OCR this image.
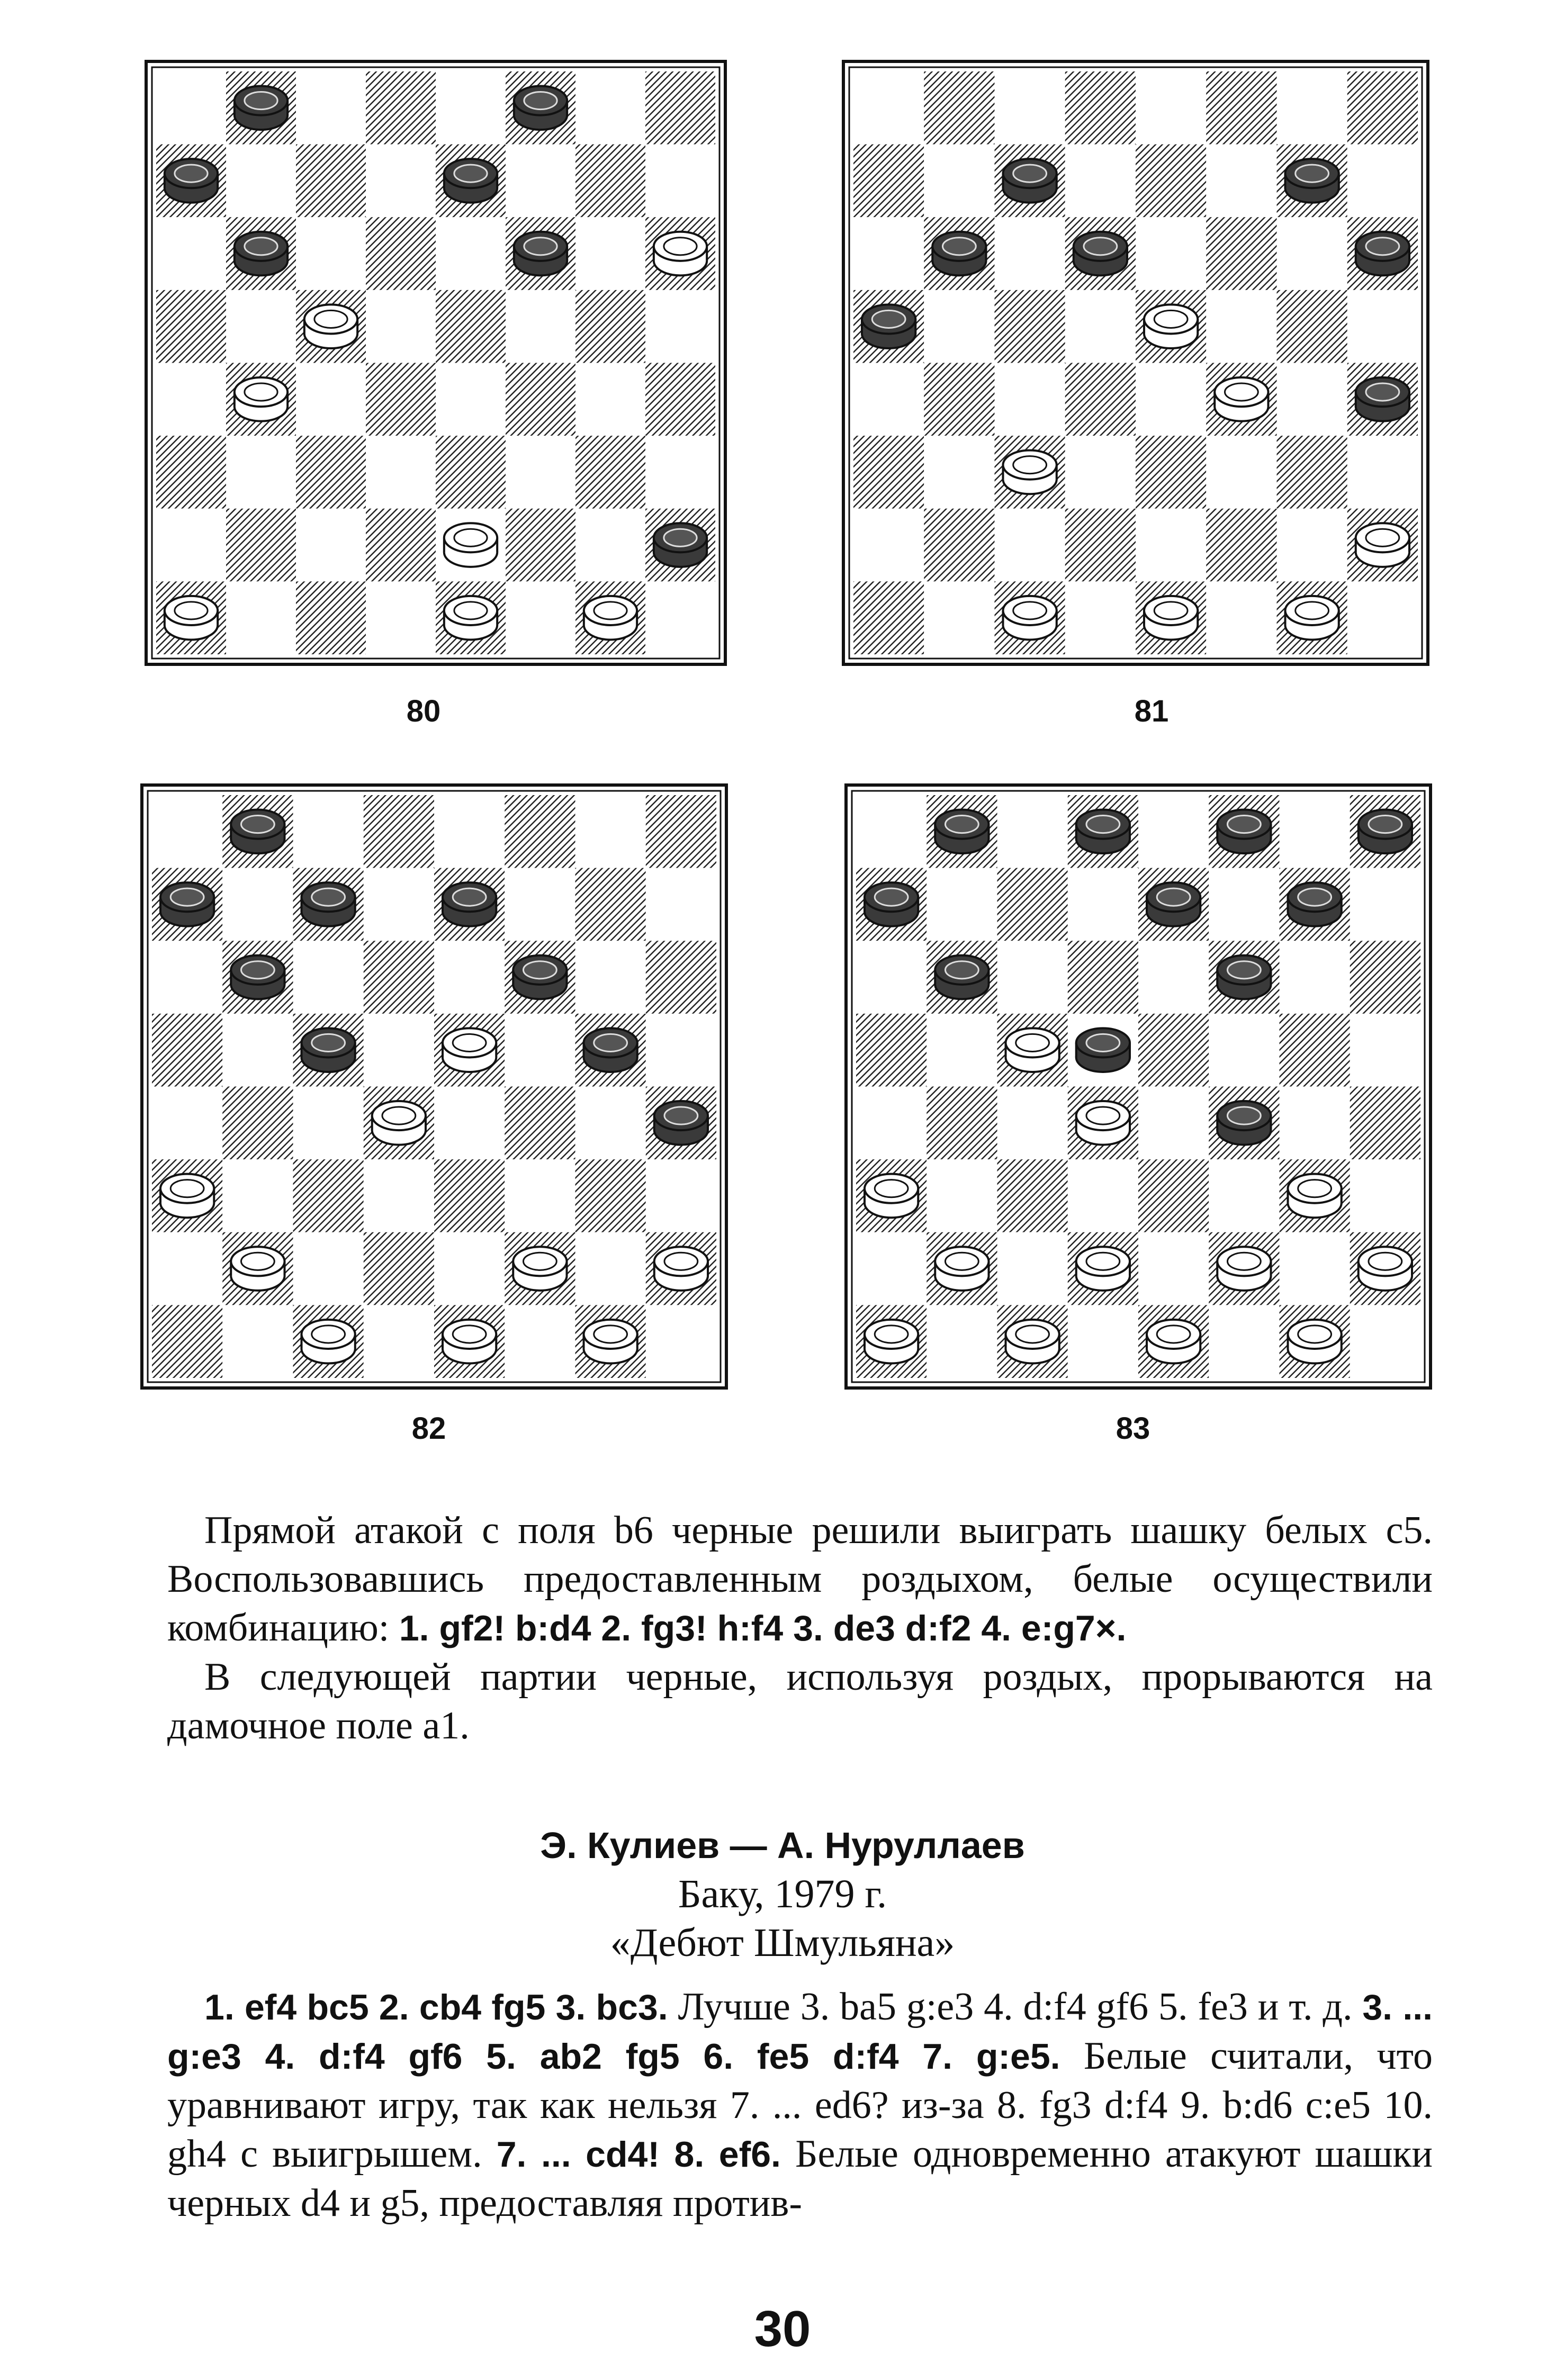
80	81
82	83

Прямой атакой с поля b6 черные решили выиграть шашку белых с5. Воспользовавшись предоставленным роздыхом, белые осуществили комбинацию: 1. gf2! b:d4 2. fg3! h:f4 3. de3 d:f2 4. e:g7×.

В следующей партии черные, используя роздых, прорываются на дамочное поле а1.

Э. Кулиев — А. Нуруллаев
Баку, 1979 г.
«Дебют Шмульяна»

1. ef4 bc5 2. cb4 fg5 3. bc3. Лучше 3. ba5 g:e3 4. d:f4 gf6 5. fe3 и т. д. 3. ... g:e3 4. d:f4 gf6 5. ab2 fg5 6. fe5 d:f4 7. g:e5. Белые считали, что уравнивают игру, так как нельзя 7. ... ed6? из-за 8. fg3 d:f4 9. b:d6 c:e5 10. gh4 с выигрышем. 7. ... cd4! 8. ef6. Белые одновременно атакуют шашки черных d4 и g5, предоставляя против-

30
